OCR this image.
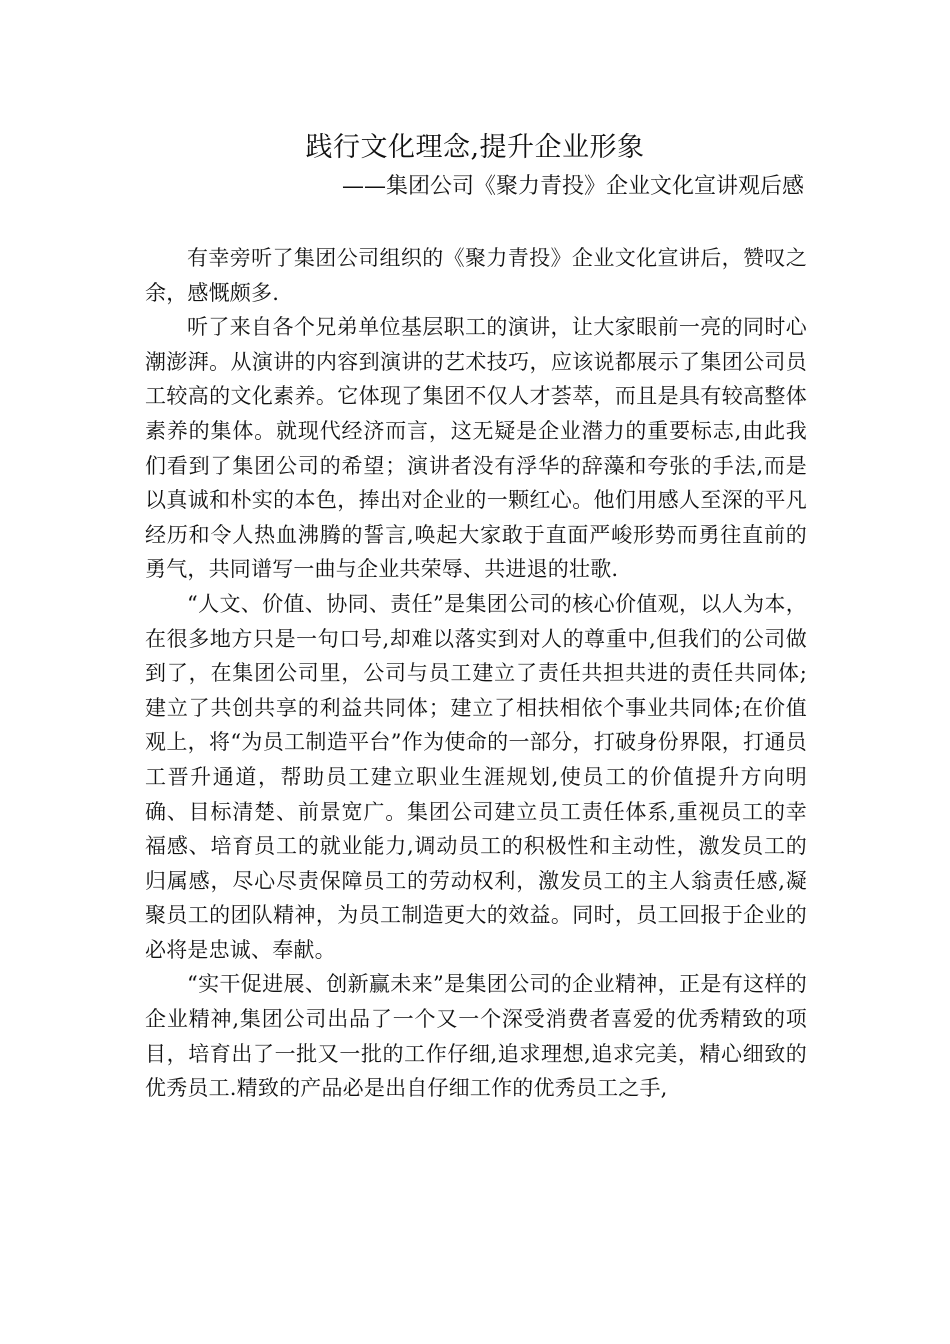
践行文化理念,提升企业形象
——集团公司《聚力青投》企业文化宣讲观后感

有幸旁听了集团公司组织的《聚力青投》企业文化宣讲后，赞叹之余，感慨颇多.

听了来自各个兄弟单位基层职工的演讲，让大家眼前一亮的同时心潮澎湃。从演讲的内容到演讲的艺术技巧，应该说都展示了集团公司员工较高的文化素养。它体现了集团不仅人才荟萃，而且是具有较高整体素养的集体。就现代经济而言，这无疑是企业潜力的重要标志,由此我们看到了集团公司的希望；演讲者没有浮华的辞藻和夸张的手法,而是以真诚和朴实的本色，捧出对企业的一颗红心。他们用感人至深的平凡经历和令人热血沸腾的誓言,唤起大家敢于直面严峻形势而勇往直前的勇气，共同谱写一曲与企业共荣辱、共进退的壮歌.

“人文、价值、协同、责任”是集团公司的核心价值观，以人为本，在很多地方只是一句口号,却难以落实到对人的尊重中,但我们的公司做到了，在集团公司里，公司与员工建立了责任共担共进的责任共同体;建立了共创共享的利益共同体；建立了相扶相依个事业共同体;在价值观上，将“为员工制造平台”作为使命的一部分，打破身份界限，打通员工晋升通道，帮助员工建立职业生涯规划,使员工的价值提升方向明确、目标清楚、前景宽广。集团公司建立员工责任体系,重视员工的幸福感、培育员工的就业能力,调动员工的积极性和主动性，激发员工的归属感，尽心尽责保障员工的劳动权利，激发员工的主人翁责任感,凝聚员工的团队精神，为员工制造更大的效益。同时，员工回报于企业的必将是忠诚、奉献。

“实干促进展、创新赢未来”是集团公司的企业精神，正是有这样的企业精神,集团公司出品了一个又一个深受消费者喜爱的优秀精致的项目，培育出了一批又一批的工作仔细,追求理想,追求完美，精心细致的优秀员工.精致的产品必是出自仔细工作的优秀员工之手,
